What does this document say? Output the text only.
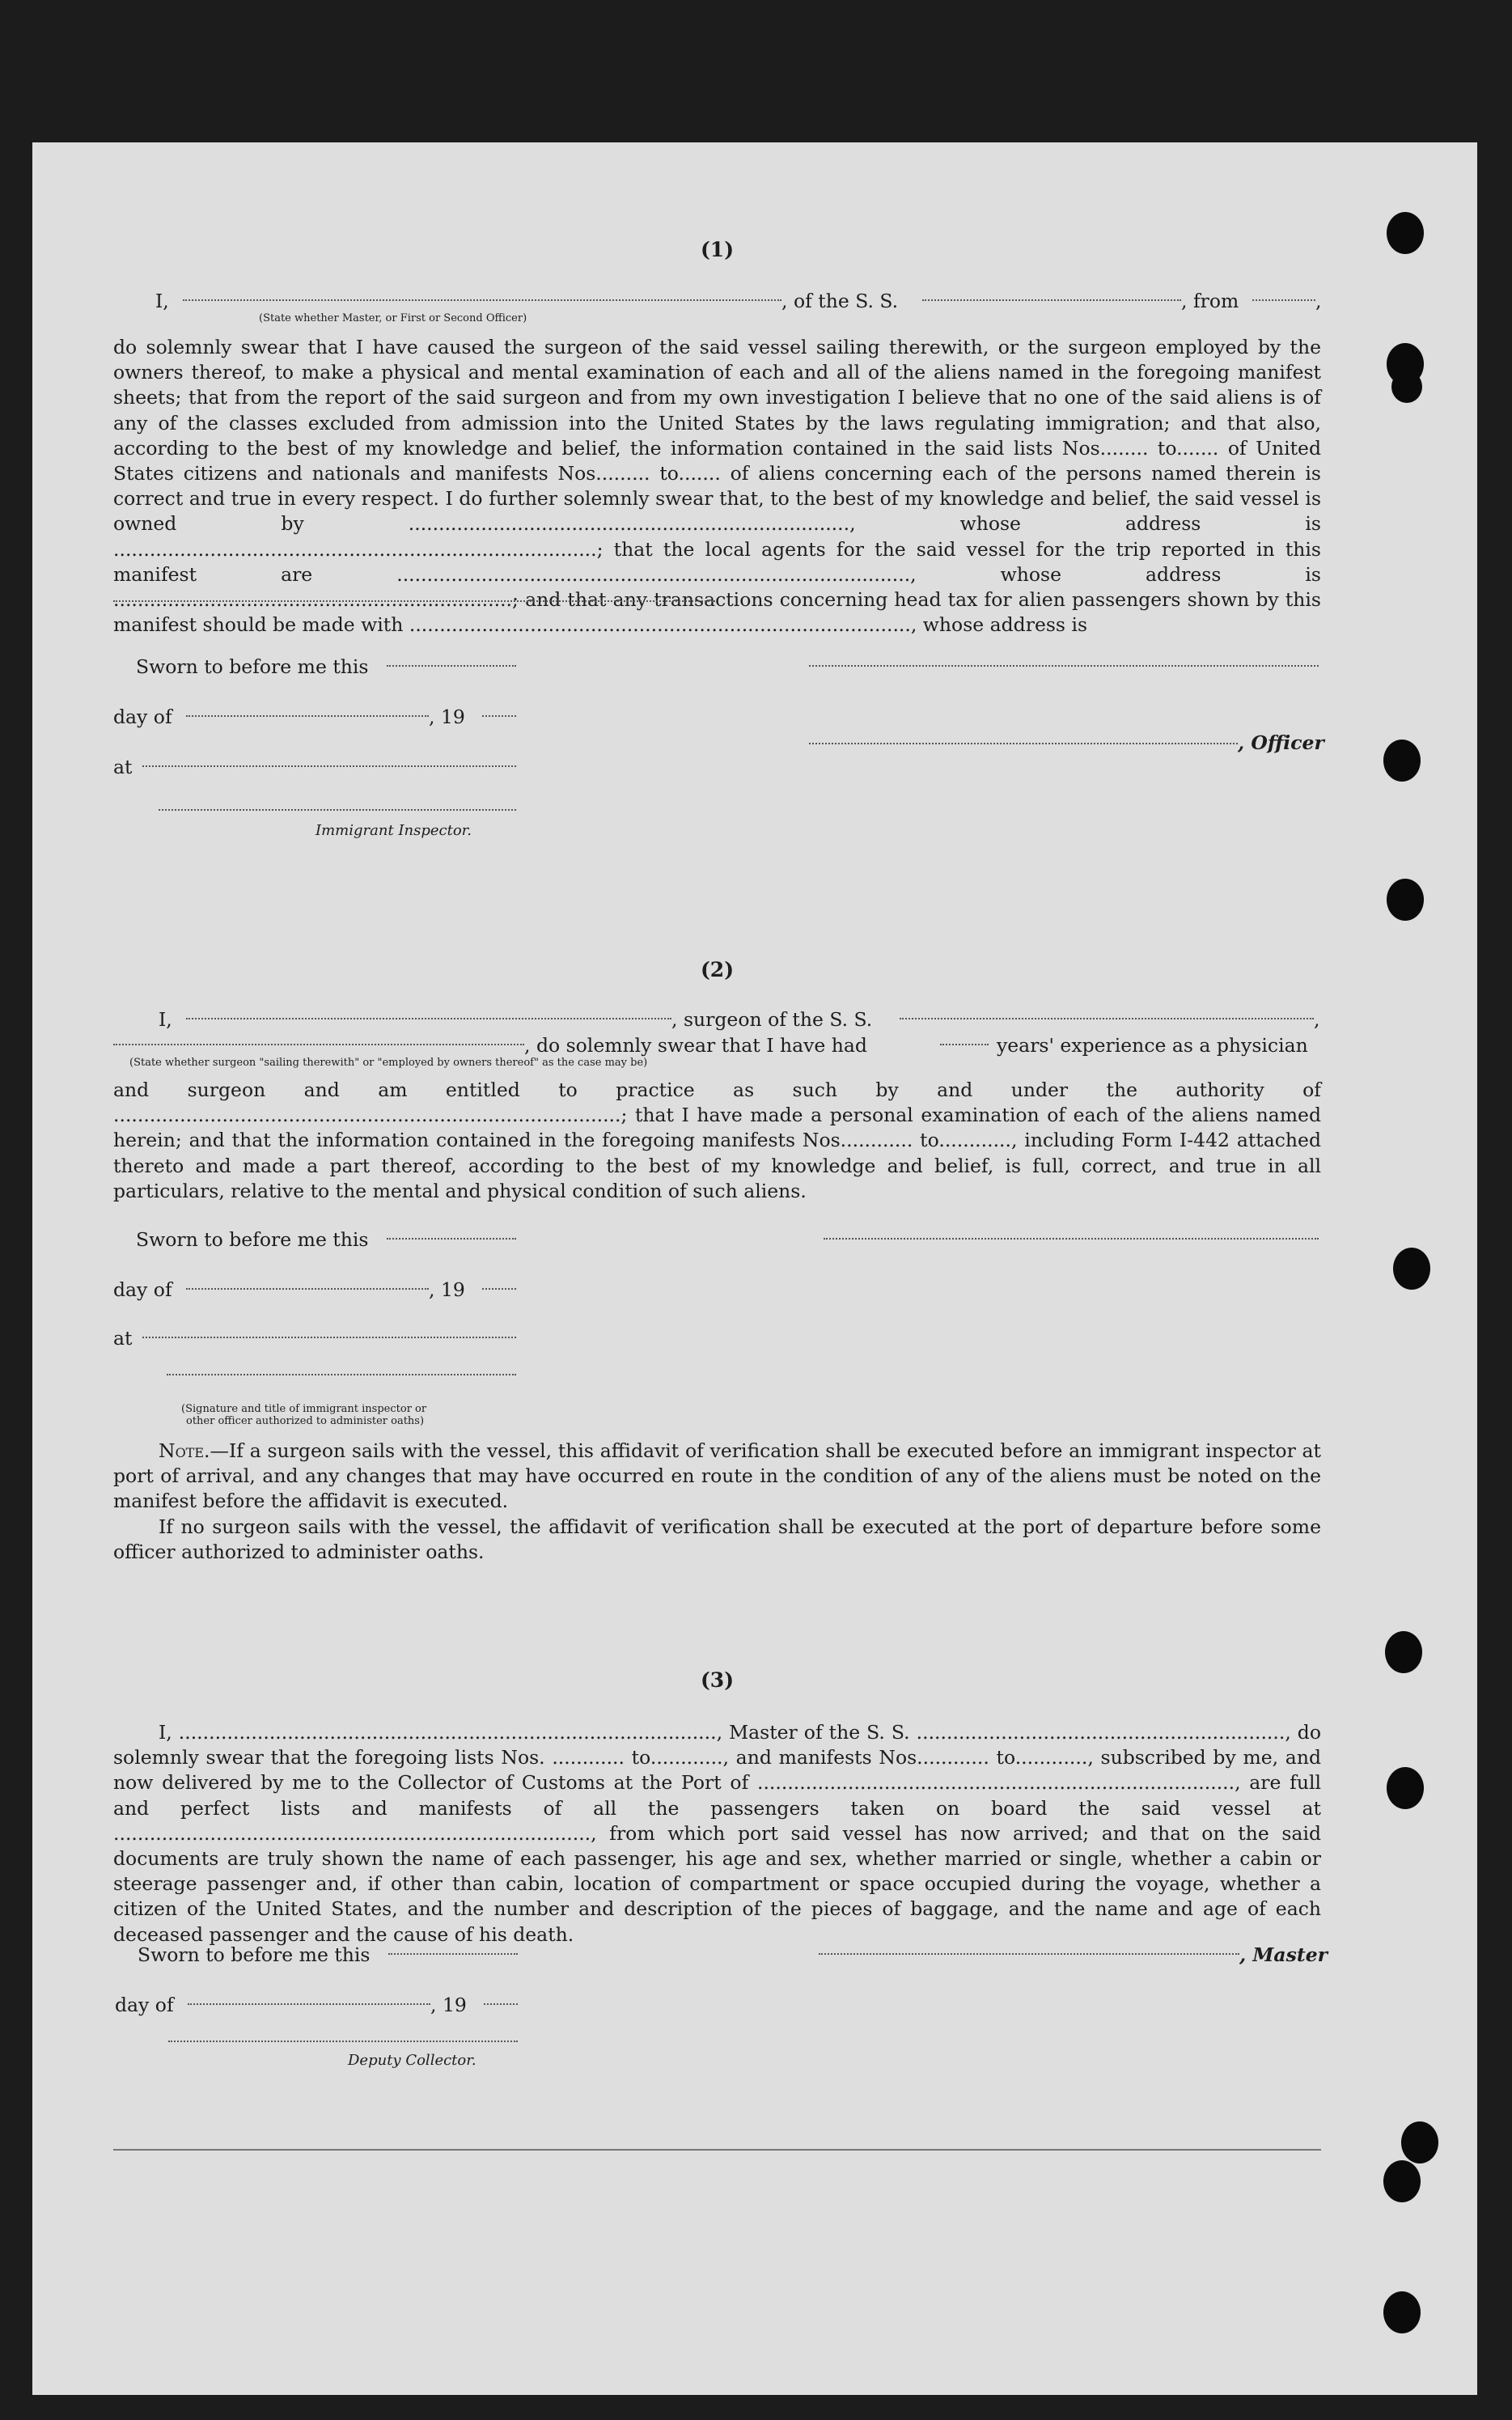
(1)
I,	, of the S. S.	, from	,
(State whether Master, or First or Second Officer)
do solemnly swear that I have caused the surgeon of the said vessel sailing therewith, or the surgeon employed by the owners thereof, to make a physical and mental examination of each and all of the aliens named in the foregoing manifest sheets; that from the report of the said surgeon and from my own investigation I believe that no one of the said aliens is of any of the classes excluded from admission into the United States by the laws regulating immigration; and that also, according to the best of my knowledge and belief, the information contained in the said lists Nos........ to....... of United States citizens and nationals and manifests Nos......... to....... of aliens concerning each of the persons named therein is correct and true in every respect. I do further solemnly swear that, to the best of my knowledge and belief, the said vessel is owned by ........................................................................., whose address is ................................................................................; that the local agents for the said vessel for the trip reported in this manifest are ....................................................................................., whose address is ..................................................................; and that any transactions concerning head tax for alien passengers shown by this manifest should be made with ..................................................................................., whose address is
Sworn to before me this
day of	, 19
, Officer
at
Immigrant Inspector.
(2)
I,	, surgeon of the S. S.	,
, do solemnly swear that I have had	years' experience as a physician
(State whether surgeon "sailing therewith" or "employed by owners thereof" as the case may be)
and surgeon and am entitled to practice as such by and under the authority of ....................................................................................; that I have made a personal examination of each of the aliens named herein; and that the information contained in the foregoing manifests Nos............ to............, including Form I-442 attached thereto and made a part thereof, according to the best of my knowledge and belief, is full, correct, and true in all particulars, relative to the mental and physical condition of such aliens.
Sworn to before me this
day of	, 19
at
(Signature and title of immigrant inspector or
other officer authorized to administer oaths)
Note.—If a surgeon sails with the vessel, this affidavit of verification shall be executed before an immigrant inspector at port of arrival, and any changes that may have occurred en route in the condition of any of the aliens must be noted on the manifest before the affidavit is executed.
If no surgeon sails with the vessel, the affidavit of verification shall be executed at the port of departure before some officer authorized to administer oaths.
(3)
I, ........................................................................................., Master of the S. S. ............................................................., do solemnly swear that the foregoing lists Nos. ............ to............, and manifests Nos............ to............, subscribed by me, and now delivered by me to the Collector of Customs at the Port of ..............................................................................., are full and perfect lists and manifests of all the passengers taken on board the said vessel at ..............................................................................., from which port said vessel has now arrived; and that on the said documents are truly shown the name of each passenger, his age and sex, whether married or single, whether a cabin or steerage passenger and, if other than cabin, location of compartment or space occupied during the voyage, whether a citizen of the United States, and the number and description of the pieces of baggage, and the name and age of each deceased passenger and the cause of his death.
Sworn to before me this	, Master
day of	, 19
Deputy Collector.
